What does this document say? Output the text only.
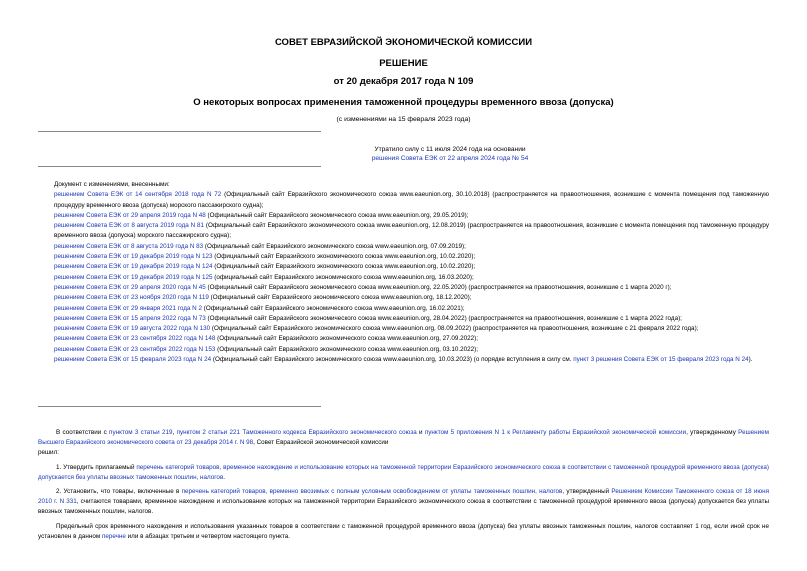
СОВЕТ ЕВРАЗИЙСКОЙ ЭКОНОМИЧЕСКОЙ КОМИССИИ

РЕШЕНИЕ

от 20 декабря 2017 года N 109

О некоторых вопросах применения таможенной процедуры временного ввоза (допуска)

(с изменениями на 15 февраля 2023 года)

Утратило силу с 11 июля 2024 года на основании
решения Совета ЕЭК от 22 апреля 2024 года № 54

Документ с изменениями, внесенными:

решением Совета ЕЭК от 14 сентября 2018 года N 72 (Официальный сайт Евразийского экономического союза www.eaeunion.org, 30.10.2018) (распространяется на правоотношения, возникшие с момента помещения под таможенную процедуру временного ввоза (допуска) морского пассажирского судна);

решением Совета ЕЭК от 29 апреля 2019 года N 48 (Официальный сайт Евразийского экономического союза www.eaeunion.org, 29.05.2019);

решением Совета ЕЭК от 8 августа 2019 года N 81 (Официальный сайт Евразийского экономического союза www.eaeunion.org, 12.08.2019) (распространяется на правоотношения, возникшие с момента помещения под таможенную процедуру временного ввоза (допуска) морского пассажирского судна);

решением Совета ЕЭК от 8 августа 2019 года N 83 (Официальный сайт Евразийского экономического союза www.eaeunion.org, 07.09.2019);

решением Совета ЕЭК от 19 декабря 2019 года N 123 (Официальный сайт Евразийского экономического союза www.eaeunion.org, 10.02.2020);

решением Совета ЕЭК от 19 декабря 2019 года N 124 (Официальный сайт Евразийского экономического союза www.eaeunion.org, 10.02.2020);

решением Совета ЕЭК от 19 декабря 2019 года N 125 (официальный сайт Евразийского экономического союза www.eaeunion.org, 16.03.2020);

решением Совета ЕЭК от 29 апреля 2020 года N 45 (Официальный сайт Евразийского экономического союза www.eaeunion.org, 22.05.2020) (распространяется на правоотношения, возникшие с 1 марта 2020 г);

решением Совета ЕЭК от 23 ноября 2020 года N 119 (Официальный сайт Евразийского экономического союза www.eaeunion.org, 18.12.2020);

решением Совета ЕЭК от 29 января 2021 года N 2 (Официальный сайт Евразийского экономического союза www.eaeunion.org, 16.02.2021);

решением Совета ЕЭК от 15 апреля 2022 года N 73 (Официальный сайт Евразийского экономического союза www.eaeunion.org, 28.04.2022) (распространяется на правоотношения, возникшие с 1 марта 2022 года);

решением Совета ЕЭК от 19 августа 2022 года N 130 (Официальный сайт Евразийского экономического союза www.eaeunion.org, 08.09.2022) (распространяется на правоотношения, возникшие с 21 февраля 2022 года);

решением Совета ЕЭК от 23 сентября 2022 года N 148 (Официальный сайт Евразийского экономического союза www.eaeunion.org, 27.09.2022);

решением Совета ЕЭК от 23 сентября 2022 года N 153 (Официальный сайт Евразийского экономического союза www.eaeunion.org, 03.10.2022);

решением Совета ЕЭК от 15 февраля 2023 года N 24 (Официальный сайт Евразийского экономического союза www.eaeunion.org, 10.03.2023) (о порядке вступления в силу см. пункт 3 решения Совета ЕЭК от 15 февраля 2023 года N 24).

В соответствии с пунктом 3 статьи 219, пунктом 2 статьи 221 Таможенного кодекса Евразийского экономического союза и пунктом 5 приложения N 1 к Регламенту работы Евразийской экономической комиссии, утвержденному Решением Высшего Евразийского экономического совета от 23 декабря 2014 г. N 98, Совет Евразийской экономической комиссии

решил:

1. Утвердить прилагаемый перечень категорий товаров, временное нахождение и использование которых на таможенной территории Евразийского экономического союза в соответствии с таможенной процедурой временного ввоза (допуска) допускается без уплаты ввозных таможенных пошлин, налогов.

2. Установить, что товары, включенные в перечень категорий товаров, временно ввозимых с полным условным освобождением от уплаты таможенных пошлин, налогов, утвержденный Решением Комиссии Таможенного союза от 18 июня 2010 г. N 331, считаются товарами, временное нахождение и использование которых на таможенной территории Евразийского экономического союза в соответствии с таможенной процедурой временного ввоза (допуска) допускается без уплаты ввозных таможенных пошлин, налогов.

Предельный срок временного нахождения и использования указанных товаров в соответствии с таможенной процедурой временного ввоза (допуска) без уплаты ввозных таможенных пошлин, налогов составляет 1 год, если иной срок не установлен в данном перечне или в абзацах третьем и четвертом настоящего пункта.
